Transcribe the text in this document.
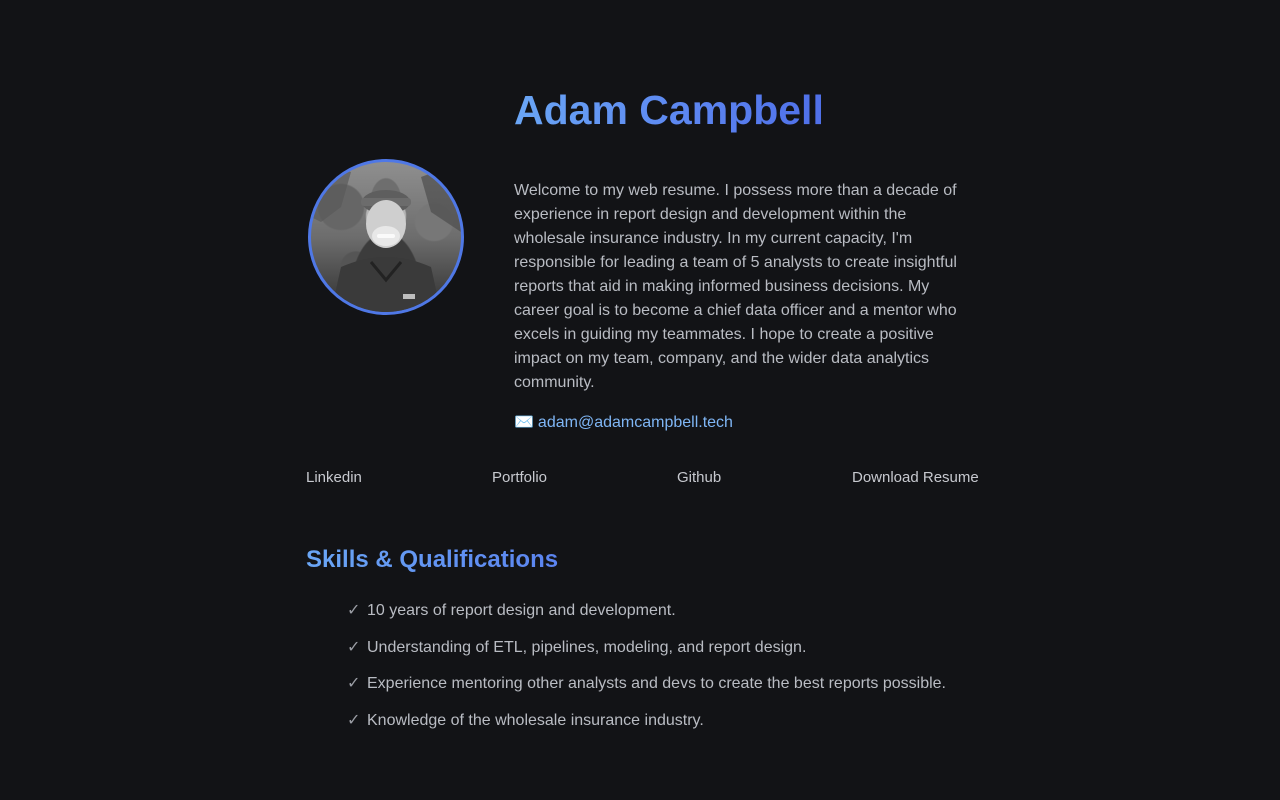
Adam Campbell

Welcome to my web resume. I possess more than a decade of experience in report design and development within the wholesale insurance industry. In my current capacity, I'm responsible for leading a team of 5 analysts to create insightful reports that aid in making informed business decisions. My career goal is to become a chief data officer and a mentor who excels in guiding my teammates. I hope to create a positive impact on my team, company, and the wider data analytics community.

✉️ adam@adamcampbell.tech
Linkedin	Portfolio	Github	Download Resume
Skills & Qualifications
✓ 10 years of report design and development.
✓ Understanding of ETL, pipelines, modeling, and report design.
✓ Experience mentoring other analysts and devs to create the best reports possible.
✓ Knowledge of the wholesale insurance industry.
